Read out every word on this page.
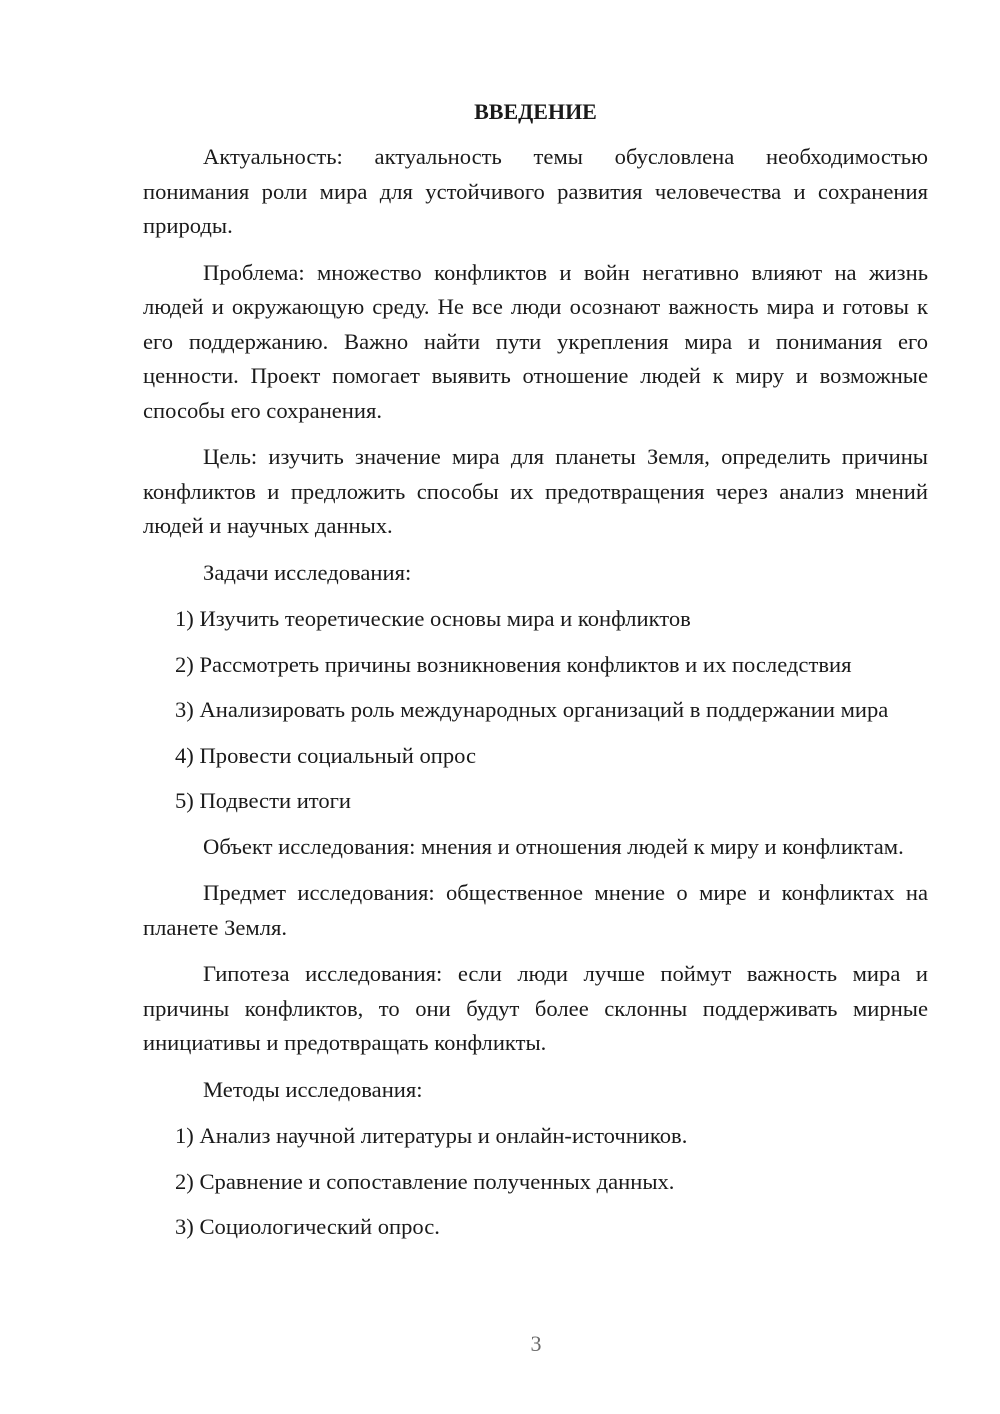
ВВЕДЕНИЕ

Актуальность: актуальность темы обусловлена необходимостью понимания роли мира для устойчивого развития человечества и сохранения природы.

Проблема: множество конфликтов и войн негативно влияют на жизнь людей и окружающую среду. Не все люди осознают важность мира и готовы к его поддержанию. Важно найти пути укрепления мира и понимания его ценности. Проект помогает выявить отношение людей к миру и возможные способы его сохранения.

Цель: изучить значение мира для планеты Земля, определить причины конфликтов и предложить способы их предотвращения через анализ мнений людей и научных данных.

Задачи исследования:

1) Изучить теоретические основы мира и конфликтов

2) Рассмотреть причины возникновения конфликтов и их последствия

3) Анализировать роль международных организаций в поддержании мира

4) Провести социальный опрос

5) Подвести итоги

Объект исследования: мнения и отношения людей к миру и конфликтам.

Предмет исследования: общественное мнение о мире и конфликтах на планете Земля.

Гипотеза исследования: если люди лучше поймут важность мира и причины конфликтов, то они будут более склонны поддерживать мирные инициативы и предотвращать конфликты.

Методы исследования:

1) Анализ научной литературы и онлайн-источников.

2) Сравнение и сопоставление полученных данных.

3) Социологический опрос.

3
